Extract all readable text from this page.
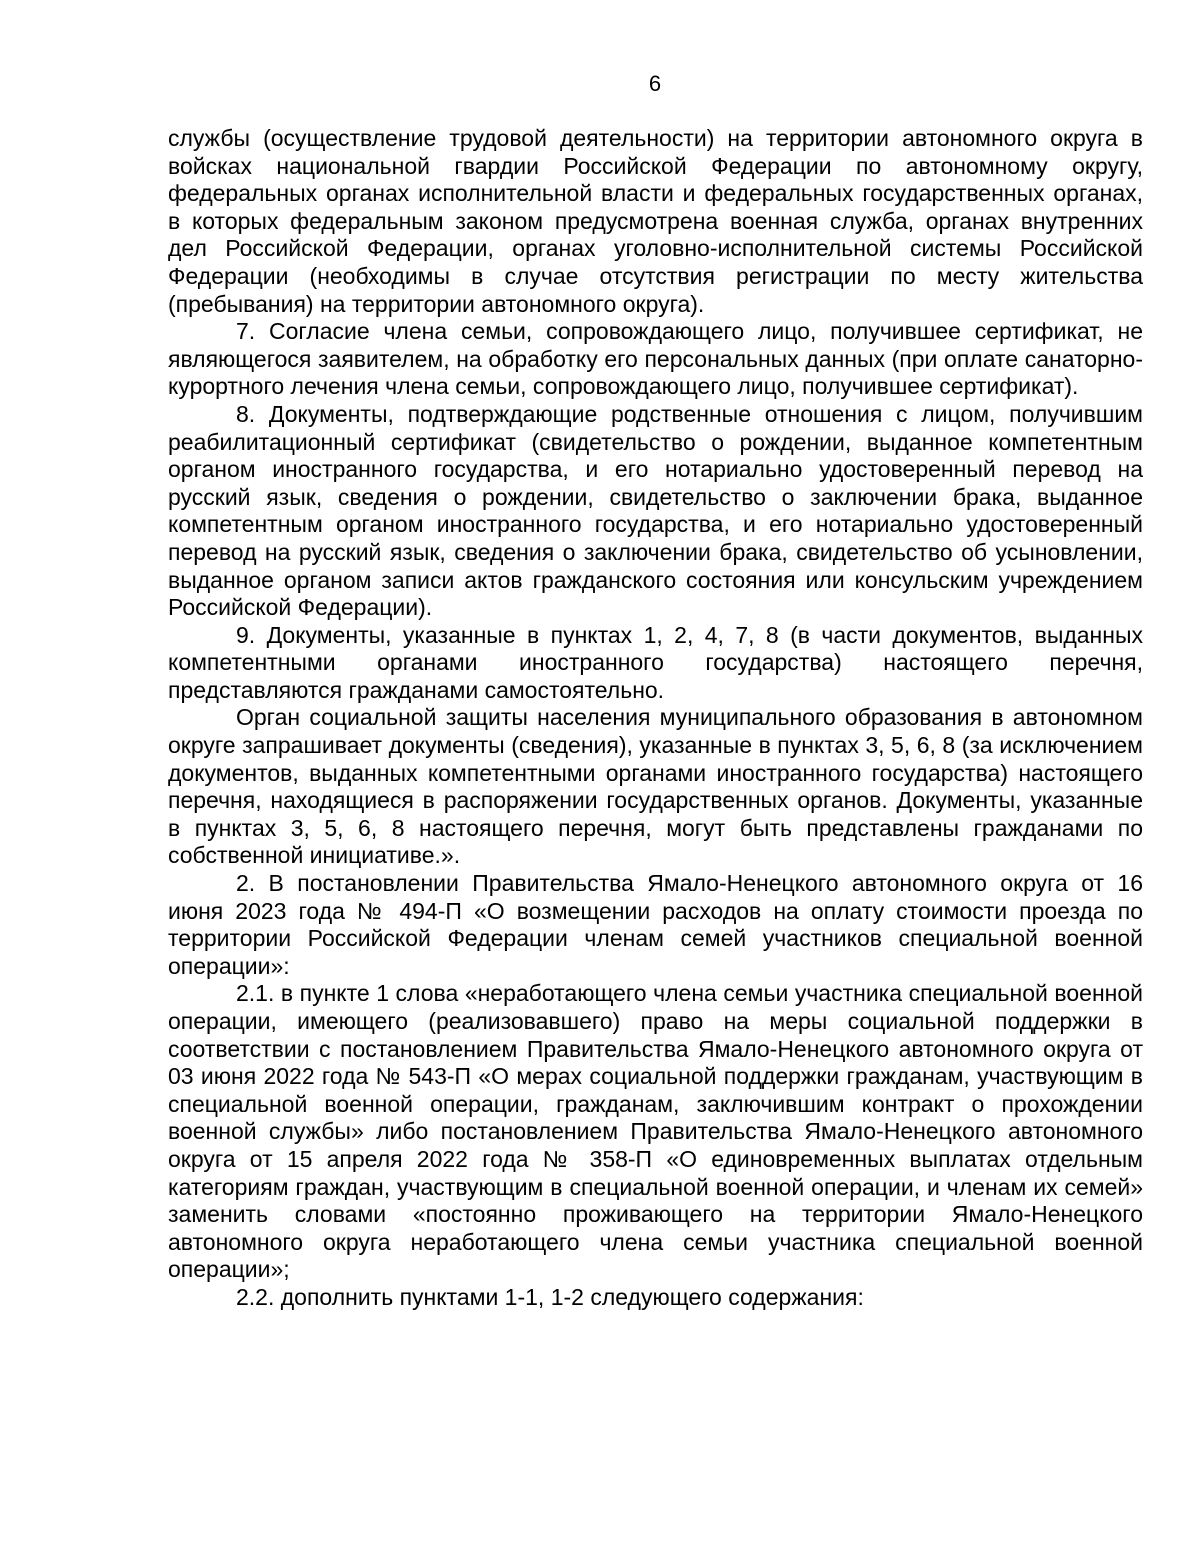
6

службы (осуществление трудовой деятельности) на территории автономного округа в войсках национальной гвардии Российской Федерации по автономному округу, федеральных органах исполнительной власти и федеральных государственных органах, в которых федеральным законом предусмотрена военная служба, органах внутренних дел Российской Федерации, органах уголовно-исполнительной системы Российской Федерации (необходимы в случае отсутствия регистрации по месту жительства (пребывания) на территории автономного округа).

7. Согласие члена семьи, сопровождающего лицо, получившее сертификат, не являющегося заявителем, на обработку его персональных данных (при оплате санаторно-курортного лечения члена семьи, сопровождающего лицо, получившее сертификат).

8. Документы, подтверждающие родственные отношения с лицом, получившим реабилитационный сертификат (свидетельство о рождении, выданное компетентным органом иностранного государства, и его нотариально удостоверенный перевод на русский язык, сведения о рождении, свидетельство о заключении брака, выданное компетентным органом иностранного государства, и его нотариально удостоверенный перевод на русский язык, сведения о заключении брака, свидетельство об усыновлении, выданное органом записи актов гражданского состояния или консульским учреждением Российской Федерации).

9. Документы, указанные в пунктах 1, 2, 4, 7, 8 (в части документов, выданных компетентными органами иностранного государства) настоящего перечня, представляются гражданами самостоятельно.

Орган социальной защиты населения муниципального образования в автономном округе запрашивает документы (сведения), указанные в пунктах 3, 5, 6, 8 (за исключением документов, выданных компетентными органами иностранного государства) настоящего перечня, находящиеся в распоряжении государственных органов. Документы, указанные в пунктах 3, 5, 6, 8 настоящего перечня, могут быть представлены гражданами по собственной инициативе.».

2. В постановлении Правительства Ямало-Ненецкого автономного округа от 16 июня 2023 года № 494-П «О возмещении расходов на оплату стоимости проезда по территории Российской Федерации членам семей участников специальной военной операции»:

2.1. в пункте 1 слова «неработающего члена семьи участника специальной военной операции, имеющего (реализовавшего) право на меры социальной поддержки в соответствии с постановлением Правительства Ямало-Ненецкого автономного округа от 03 июня 2022 года № 543-П «О мерах социальной поддержки гражданам, участвующим в специальной военной операции, гражданам, заключившим контракт о прохождении военной службы» либо постановлением Правительства Ямало-Ненецкого автономного округа от 15 апреля 2022 года № 358-П «О единовременных выплатах отдельным категориям граждан, участвующим в специальной военной операции, и членам их семей» заменить словами «постоянно проживающего на территории Ямало-Ненецкого автономного округа неработающего члена семьи участника специальной военной операции»;

2.2. дополнить пунктами 1-1, 1-2 следующего содержания:
